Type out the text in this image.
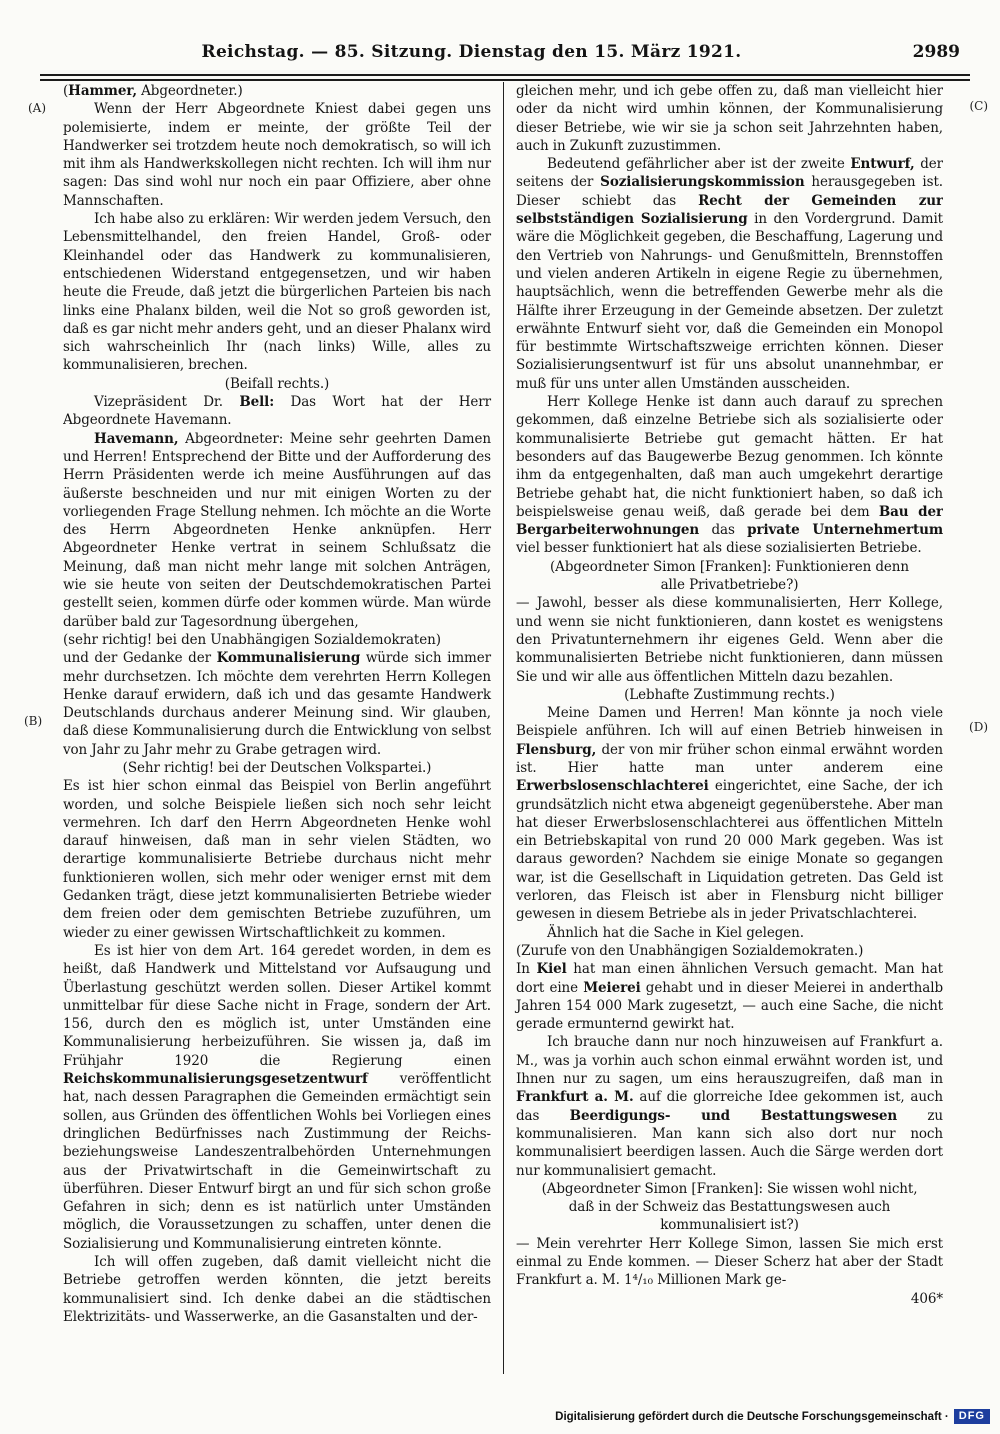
Reichstag. — 85. Sitzung. Dienstag den 15. März 1921.	2989
(A)
(B)
(C)
(D)

(Hammer, Abgeordneter.)

Wenn der Herr Abgeordnete Kniest dabei gegen uns polemisierte, indem er meinte, der größte Teil der Handwerker sei trotzdem heute noch demokratisch, so will ich mit ihm als Handwerkskollegen nicht rechten. Ich will ihm nur sagen: Das sind wohl nur noch ein paar Offiziere, aber ohne Mannschaften.

Ich habe also zu erklären: Wir werden jedem Versuch, den Lebensmittelhandel, den freien Handel, Groß- oder Kleinhandel oder das Handwerk zu kommunalisieren, entschiedenen Widerstand entgegensetzen, und wir haben heute die Freude, daß jetzt die bürgerlichen Parteien bis nach links eine Phalanx bilden, weil die Not so groß geworden ist, daß es gar nicht mehr anders geht, und an dieser Phalanx wird sich wahrscheinlich Ihr (nach links) Wille, alles zu kommunalisieren, brechen.

(Beifall rechts.)

Vizepräsident Dr. Bell: Das Wort hat der Herr Abgeordnete Havemann.

Havemann, Abgeordneter: Meine sehr geehrten Damen und Herren! Entsprechend der Bitte und der Aufforderung des Herrn Präsidenten werde ich meine Ausführungen auf das äußerste beschneiden und nur mit einigen Worten zu der vorliegenden Frage Stellung nehmen. Ich möchte an die Worte des Herrn Abgeordneten Henke anknüpfen. Herr Abgeordneter Henke vertrat in seinem Schlußsatz die Meinung, daß man nicht mehr lange mit solchen Anträgen, wie sie heute von seiten der Deutschdemokratischen Partei gestellt seien, kommen dürfe oder kommen würde. Man würde darüber bald zur Tagesordnung übergehen,

(sehr richtig! bei den Unabhängigen Sozialdemokraten)

und der Gedanke der Kommunalisierung würde sich immer mehr durchsetzen. Ich möchte dem verehrten Herrn Kollegen Henke darauf erwidern, daß ich und das gesamte Handwerk Deutschlands durchaus anderer Meinung sind. Wir glauben, daß diese Kommunalisierung durch die Entwicklung von selbst von Jahr zu Jahr mehr zu Grabe getragen wird.

(Sehr richtig! bei der Deutschen Volkspartei.)

Es ist hier schon einmal das Beispiel von Berlin angeführt worden, und solche Beispiele ließen sich noch sehr leicht vermehren. Ich darf den Herrn Abgeordneten Henke wohl darauf hinweisen, daß man in sehr vielen Städten, wo derartige kommunalisierte Betriebe durchaus nicht mehr funktionieren wollen, sich mehr oder weniger ernst mit dem Gedanken trägt, diese jetzt kommunalisierten Betriebe wieder dem freien oder dem gemischten Betriebe zuzuführen, um wieder zu einer gewissen Wirtschaftlichkeit zu kommen.

Es ist hier von dem Art. 164 geredet worden, in dem es heißt, daß Handwerk und Mittelstand vor Aufsaugung und Überlastung geschützt werden sollen. Dieser Artikel kommt unmittelbar für diese Sache nicht in Frage, sondern der Art. 156, durch den es möglich ist, unter Umständen eine Kommunalisierung herbeizuführen. Sie wissen ja, daß im Frühjahr 1920 die Regierung einen Reichskommunalisierungsgesetzentwurf veröffentlicht hat, nach dessen Paragraphen die Gemeinden ermächtigt sein sollen, aus Gründen des öffentlichen Wohls bei Vorliegen eines dringlichen Bedürfnisses nach Zustimmung der Reichs- beziehungsweise Landeszentralbehörden Unternehmungen aus der Privatwirtschaft in die Gemeinwirtschaft zu überführen. Dieser Entwurf birgt an und für sich schon große Gefahren in sich; denn es ist natürlich unter Umständen möglich, die Voraussetzungen zu schaffen, unter denen die Sozialisierung und Kommunalisierung eintreten könnte.

Ich will offen zugeben, daß damit vielleicht nicht die Betriebe getroffen werden könnten, die jetzt bereits kommunalisiert sind. Ich denke dabei an die städtischen Elektrizitäts- und Wasserwerke, an die Gasanstalten und der-

gleichen mehr, und ich gebe offen zu, daß man vielleicht hier oder da nicht wird umhin können, der Kommunalisierung dieser Betriebe, wie wir sie ja schon seit Jahrzehnten haben, auch in Zukunft zuzustimmen.

Bedeutend gefährlicher aber ist der zweite Entwurf, der seitens der Sozialisierungskommission herausgegeben ist. Dieser schiebt das Recht der Gemeinden zur selbstständigen Sozialisierung in den Vordergrund. Damit wäre die Möglichkeit gegeben, die Beschaffung, Lagerung und den Vertrieb von Nahrungs- und Genußmitteln, Brennstoffen und vielen anderen Artikeln in eigene Regie zu übernehmen, hauptsächlich, wenn die betreffenden Gewerbe mehr als die Hälfte ihrer Erzeugung in der Gemeinde absetzen. Der zuletzt erwähnte Entwurf sieht vor, daß die Gemeinden ein Monopol für bestimmte Wirtschaftszweige errichten können. Dieser Sozialisierungsentwurf ist für uns absolut unannehmbar, er muß für uns unter allen Umständen ausscheiden.

Herr Kollege Henke ist dann auch darauf zu sprechen gekommen, daß einzelne Betriebe sich als sozialisierte oder kommunalisierte Betriebe gut gemacht hätten. Er hat besonders auf das Baugewerbe Bezug genommen. Ich könnte ihm da entgegenhalten, daß man auch umgekehrt derartige Betriebe gehabt hat, die nicht funktioniert haben, so daß ich beispielsweise genau weiß, daß gerade bei dem Bau der Bergarbeiterwohnungen das private Unternehmertum viel besser funktioniert hat als diese sozialisierten Betriebe.

(Abgeordneter Simon [Franken]: Funktionieren denn alle Privatbetriebe?)

— Jawohl, besser als diese kommunalisierten, Herr Kollege, und wenn sie nicht funktionieren, dann kostet es wenigstens den Privatunternehmern ihr eigenes Geld. Wenn aber die kommunalisierten Betriebe nicht funktionieren, dann müssen Sie und wir alle aus öffentlichen Mitteln dazu bezahlen.

(Lebhafte Zustimmung rechts.)

Meine Damen und Herren! Man könnte ja noch viele Beispiele anführen. Ich will auf einen Betrieb hinweisen in Flensburg, der von mir früher schon einmal erwähnt worden ist. Hier hatte man unter anderem eine Erwerbslosenschlachterei eingerichtet, eine Sache, der ich grundsätzlich nicht etwa abgeneigt gegenüberstehe. Aber man hat dieser Erwerbslosenschlachterei aus öffentlichen Mitteln ein Betriebskapital von rund 20 000 Mark gegeben. Was ist daraus geworden? Nachdem sie einige Monate so gegangen war, ist die Gesellschaft in Liquidation getreten. Das Geld ist verloren, das Fleisch ist aber in Flensburg nicht billiger gewesen in diesem Betriebe als in jeder Privatschlachterei.

Ähnlich hat die Sache in Kiel gelegen.

(Zurufe von den Unabhängigen Sozialdemokraten.)

In Kiel hat man einen ähnlichen Versuch gemacht. Man hat dort eine Meierei gehabt und in dieser Meierei in anderthalb Jahren 154 000 Mark zugesetzt, — auch eine Sache, die nicht gerade ermunternd gewirkt hat.

Ich brauche dann nur noch hinzuweisen auf Frankfurt a. M., was ja vorhin auch schon einmal erwähnt worden ist, und Ihnen nur zu sagen, um eins herauszugreifen, daß man in Frankfurt a. M. auf die glorreiche Idee gekommen ist, auch das Beerdigungs- und Bestattungswesen zu kommunalisieren. Man kann sich also dort nur noch kommunalisiert beerdigen lassen. Auch die Särge werden dort nur kommunalisiert gemacht.

(Abgeordneter Simon [Franken]: Sie wissen wohl nicht, daß in der Schweiz das Bestattungswesen auch kommunalisiert ist?)

— Mein verehrter Herr Kollege Simon, lassen Sie mich erst einmal zu Ende kommen. — Dieser Scherz hat aber der Stadt Frankfurt a. M. 1⁴/₁₀ Millionen Mark ge-

406*

Digitalisierung gefördert durch die Deutsche Forschungsgemeinschaft · DFG
